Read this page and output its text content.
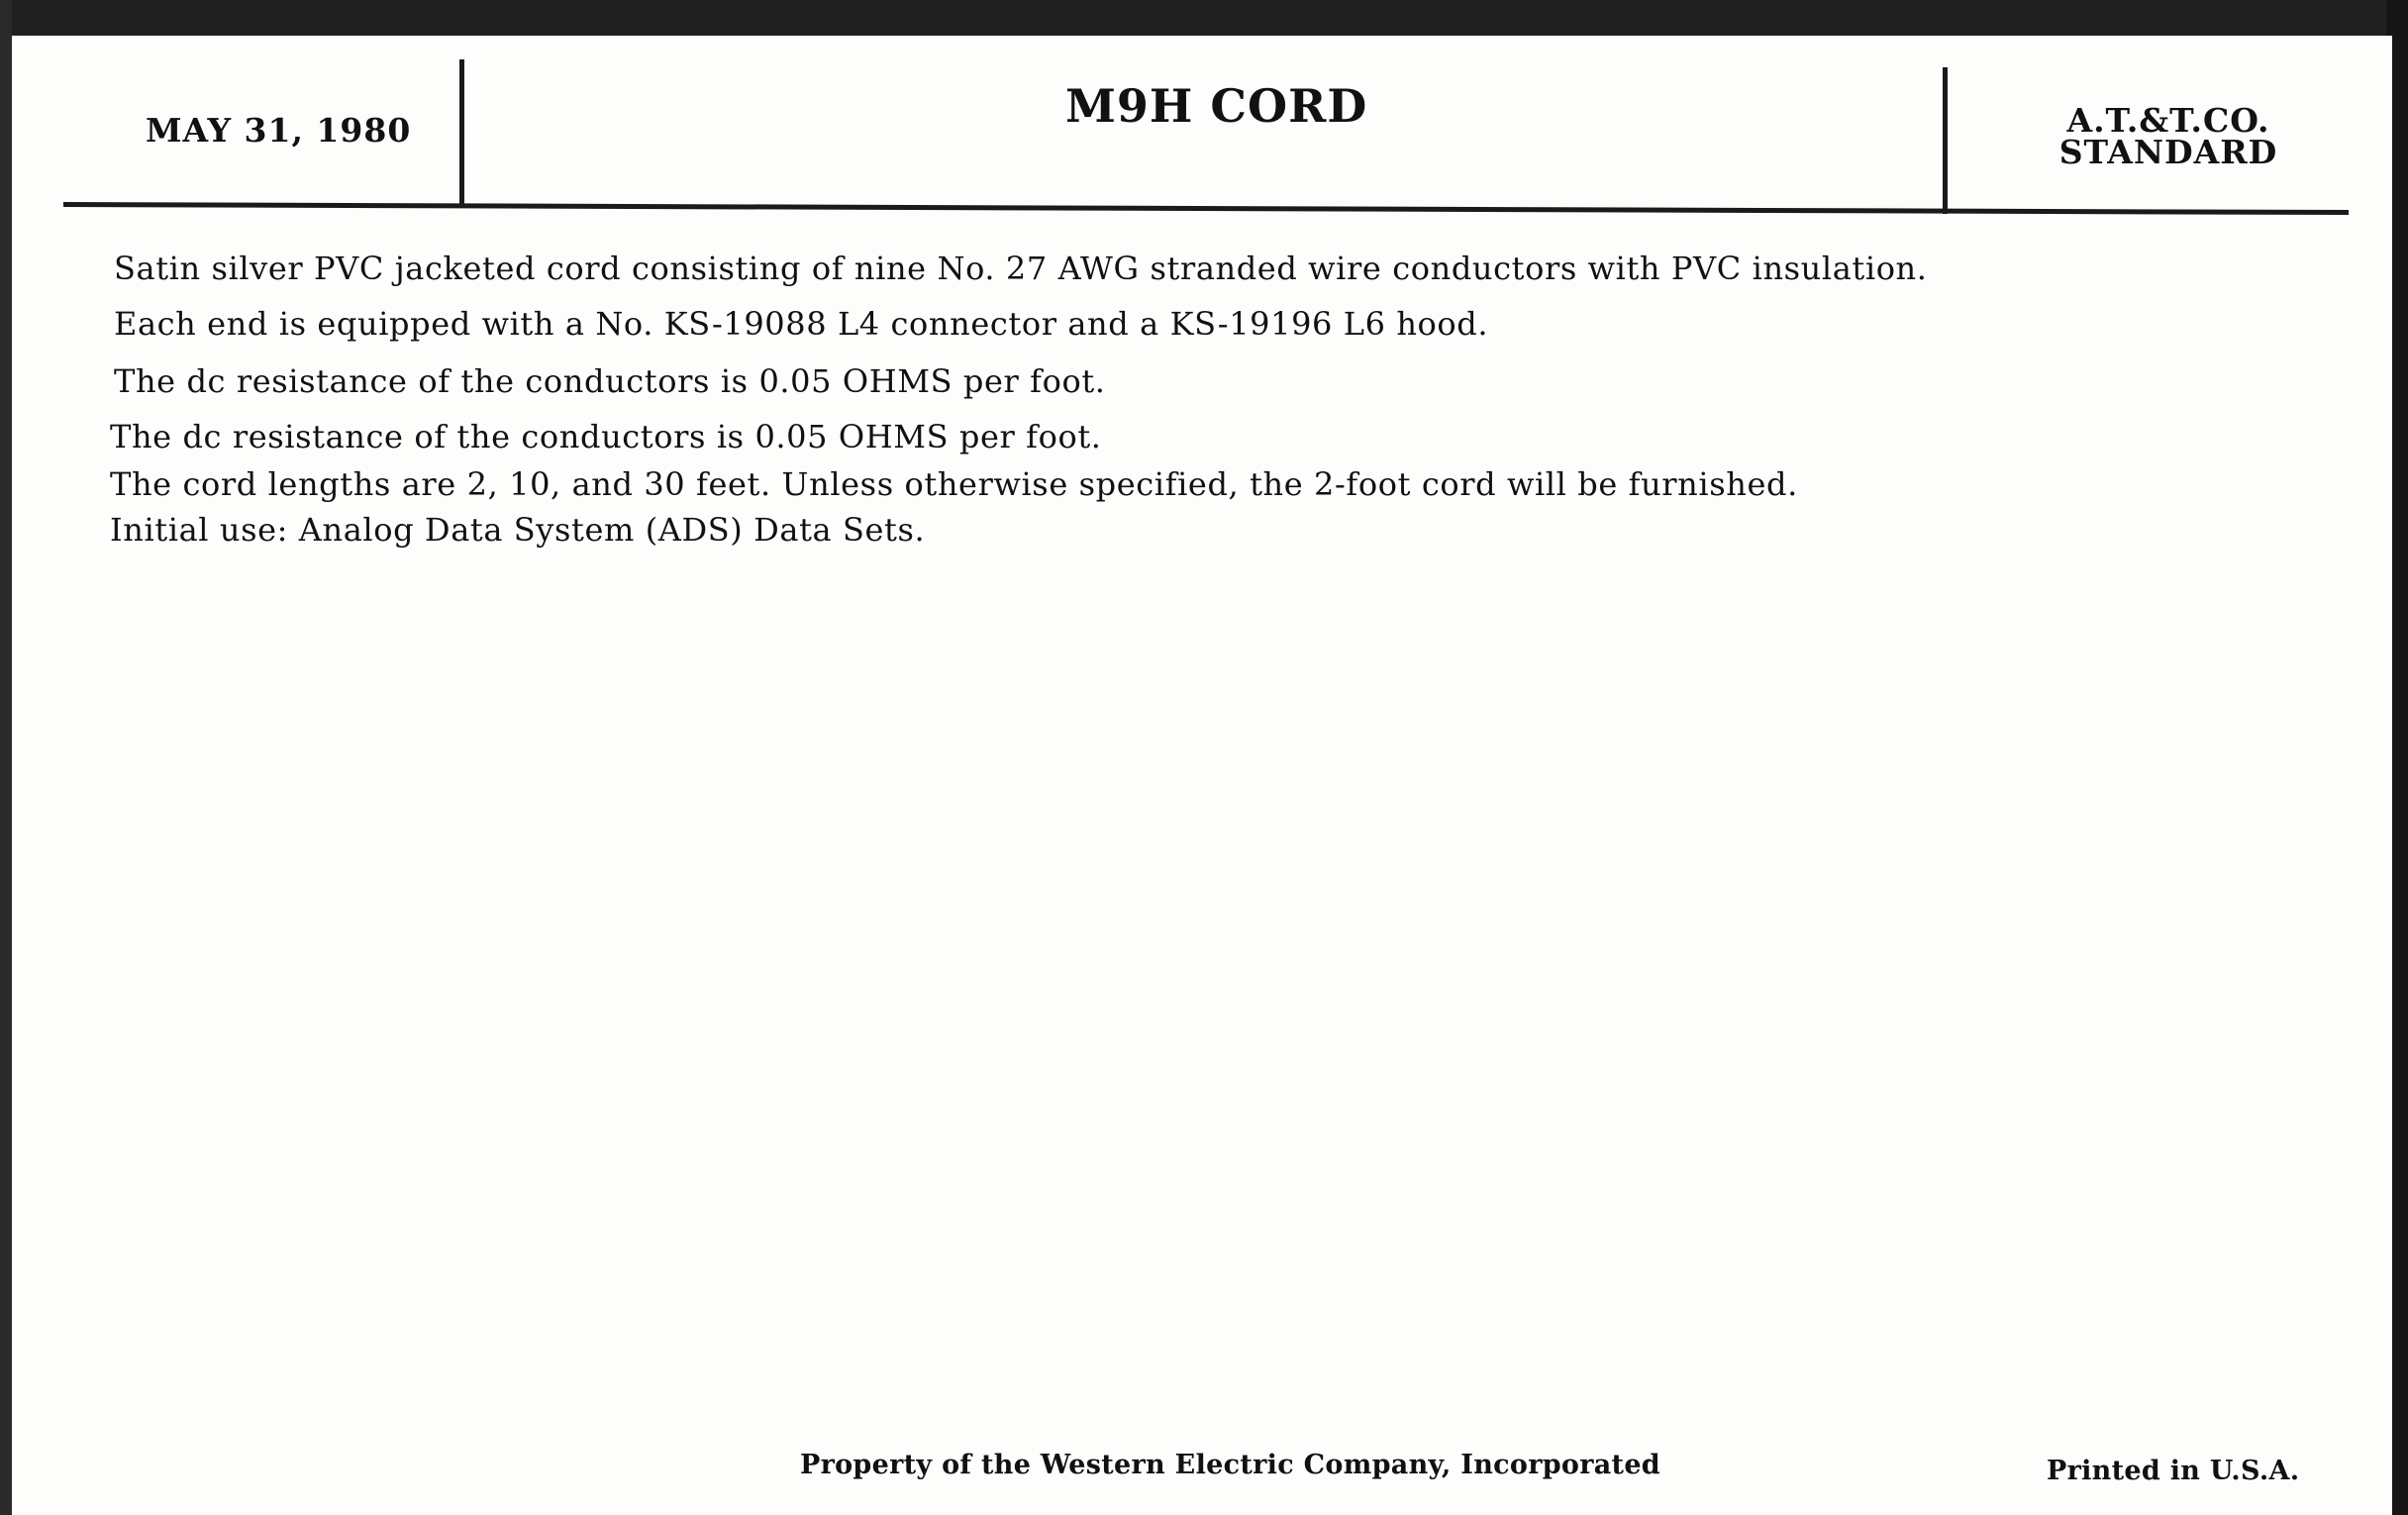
MAY 31, 1980	M9H CORD	A.T.&T.CO.
STANDARD
Satin silver PVC jacketed cord consisting of nine No. 27 AWG stranded wire conductors with PVC insulation.
Each end is equipped with a No. KS-19088 L4 connector and a KS-19196 L6 hood.
The dc resistance of the conductors is 0.05 OHMS per foot.
The dc resistance of the conductors is 0.05 OHMS per foot.
The cord lengths are 2, 10, and 30 feet. Unless otherwise specified, the 2-foot cord will be furnished.
Initial use: Analog Data System (ADS) Data Sets.
Property of the Western Electric Company, Incorporated	Printed in U.S.A.
